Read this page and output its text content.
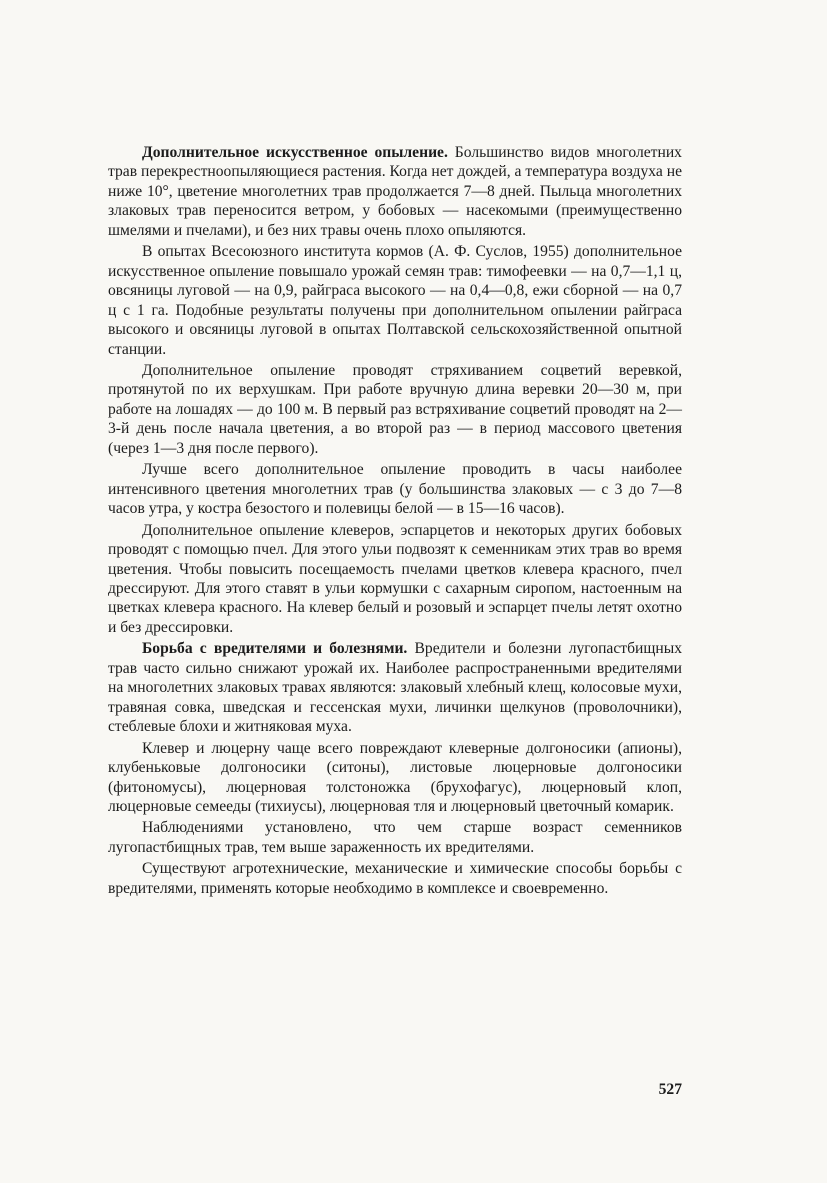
Дополнительное искусственное опыление. Большинство видов многолетних трав перекрестноопыляющиеся растения. Когда нет дождей, а температура воздуха не ниже 10°, цветение многолетних трав продолжается 7—8 дней. Пыльца многолетних злаковых трав переносится ветром, у бобовых — насекомыми (преимущественно шмелями и пчелами), и без них травы очень плохо опыляются.

В опытах Всесоюзного института кормов (А. Ф. Суслов, 1955) дополнительное искусственное опыление повышало урожай семян трав: тимофеевки — на 0,7—1,1 ц, овсяницы луговой — на 0,9, райграса высокого — на 0,4—0,8, ежи сборной — на 0,7 ц с 1 га. Подобные результаты получены при дополнительном опылении райграса высокого и овсяницы луговой в опытах Полтавской сельскохозяйственной опытной станции.

Дополнительное опыление проводят стряхиванием соцветий веревкой, протянутой по их верхушкам. При работе вручную длина веревки 20—30 м, при работе на лошадях — до 100 м. В первый раз встряхивание соцветий проводят на 2—3-й день после начала цветения, а во второй раз — в период массового цветения (через 1—3 дня после первого).

Лучше всего дополнительное опыление проводить в часы наиболее интенсивного цветения многолетних трав (у большинства злаковых — с 3 до 7—8 часов утра, у костра безостого и полевицы белой — в 15—16 часов).

Дополнительное опыление клеверов, эспарцетов и некоторых других бобовых проводят с помощью пчел. Для этого ульи подвозят к семенникам этих трав во время цветения. Чтобы повысить посещаемость пчелами цветков клевера красного, пчел дрессируют. Для этого ставят в ульи кормушки с сахарным сиропом, настоенным на цветках клевера красного. На клевер белый и розовый и эспарцет пчелы летят охотно и без дрессировки.

Борьба с вредителями и болезнями. Вредители и болезни лугопастбищных трав часто сильно снижают урожай их. Наиболее распространенными вредителями на многолетних злаковых травах являются: злаковый хлебный клещ, колосовые мухи, травяная совка, шведская и гессенская мухи, личинки щелкунов (проволочники), стеблевые блохи и житняковая муха.

Клевер и люцерну чаще всего повреждают клеверные долгоносики (апионы), клубеньковые долгоносики (ситоны), листовые люцерновые долгоносики (фитономусы), люцерновая толстоножка (брухофагус), люцерновый клоп, люцерновые семееды (тихиусы), люцерновая тля и люцерновый цветочный комарик.

Наблюдениями установлено, что чем старше возраст семенников лугопастбищных трав, тем выше зараженность их вредителями.

Существуют агротехнические, механические и химические способы борьбы с вредителями, применять которые необходимо в комплексе и своевременно.

527
